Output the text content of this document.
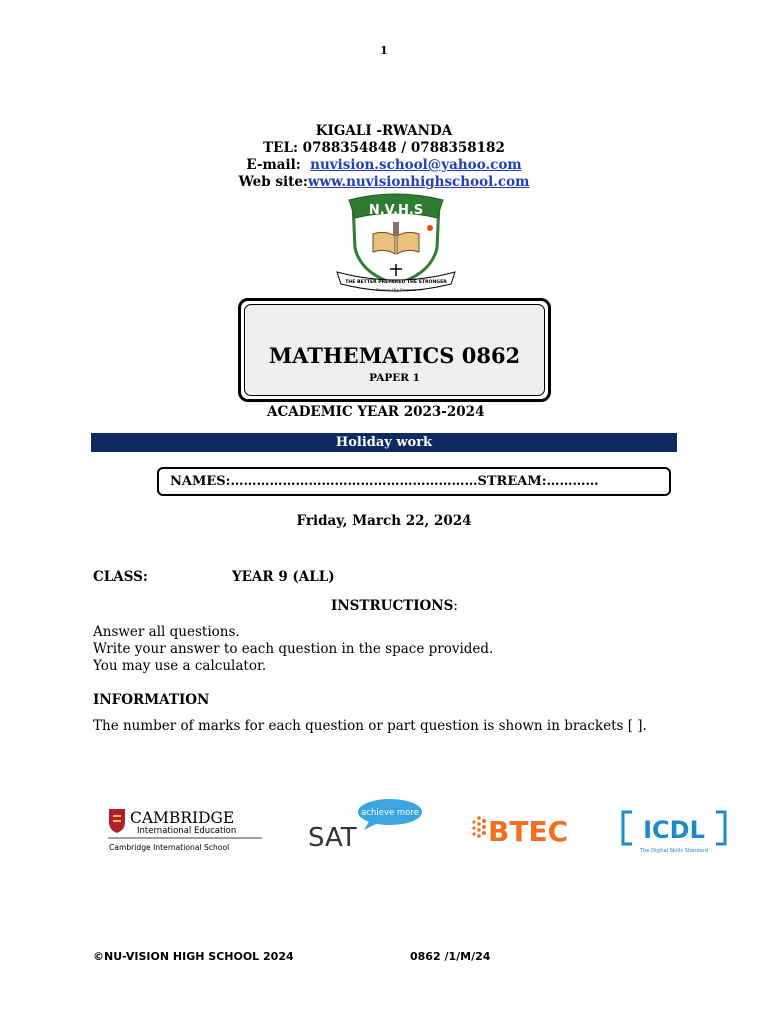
1
KIGALI -RWANDA
TEL: 0788354848 / 0788358182
E-mail: nuvision.school@yahoo.com
Web site:www.nuvisionhighschool.com
N.V.H.S
THE BETTER PREPARED THE STRONGER
Honour thy Purpose
MATHEMATICS 0862
PAPER 1
ACADEMIC YEAR 2023-2024
Holiday work
NAMES:…………………………………………………STREAM:…………
Friday, March 22, 2024
CLASS:	YEAR 9 (ALL)
INSTRUCTIONS:
Answer all questions.
Write your answer to each question in the space provided.
You may use a calculator.
INFORMATION
The number of marks for each question or part question is shown in brackets [ ].
CAMBRIDGE
International Education
Cambridge International School
achieve more
SAT	BTEC	ICDL
The Digital Skills Standard
©NU-VISION HIGH SCHOOL 2024	0862 /1/M/24
